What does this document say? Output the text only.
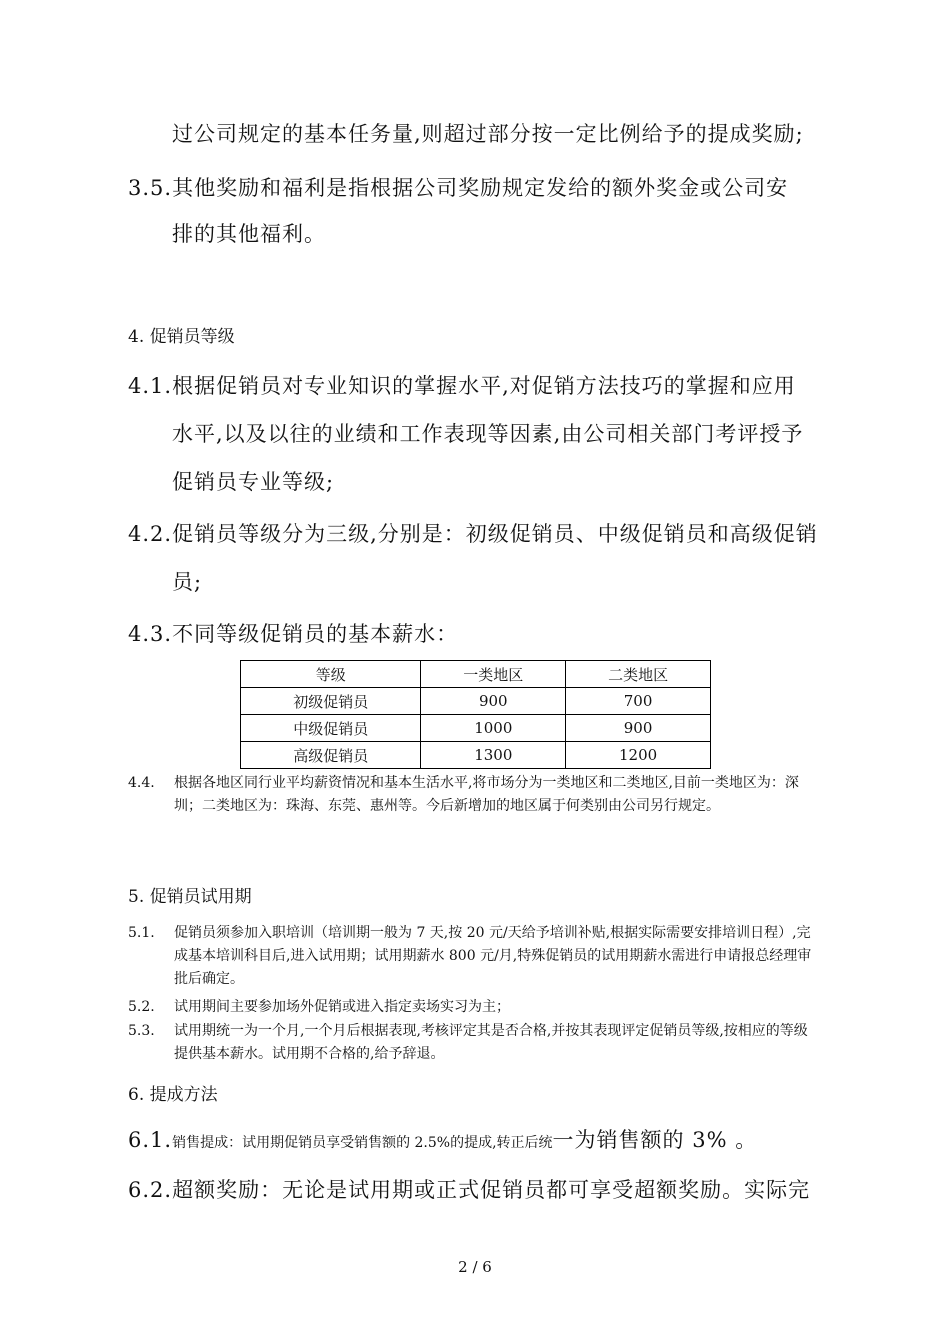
过公司规定的基本任务量,则超过部分按一定比例给予的提成奖励;
3.5.其他奖励和福利是指根据公司奖励规定发给的额外奖金或公司安
排的其他福利。
4. 促销员等级
4.1.根据促销员对专业知识的掌握水平,对促销方法技巧的掌握和应用
水平,以及以往的业绩和工作表现等因素,由公司相关部门考评授予
促销员专业等级;
4.2.促销员等级分为三级,分别是：初级促销员、中级促销员和高级促销
员;
4.3.不同等级促销员的基本薪水：
等级	一类地区	二类地区
初级促销员	900	700
中级促销员	1000	900
高级促销员	1300	1200
4.4. 根据各地区同行业平均薪资情况和基本生活水平,将市场分为一类地区和二类地区,目前一类地区为：深圳；二类地区为：珠海、东莞、惠州等。今后新增加的地区属于何类别由公司另行规定。
5. 促销员试用期
5.1. 促销员须参加入职培训（培训期一般为 7 天,按 20 元/天给予培训补贴,根据实际需要安排培训日程）,完成基本培训科目后,进入试用期；试用期薪水 800 元/月,特殊促销员的试用期薪水需进行申请报总经理审批后确定。
5.2. 试用期间主要参加场外促销或进入指定卖场实习为主；
5.3. 试用期统一为一个月,一个月后根据表现,考核评定其是否合格,并按其表现评定促销员等级,按相应的等级提供基本薪水。试用期不合格的,给予辞退。
6. 提成方法
6.1.销售提成：试用期促销员享受销售额的 2.5%的提成,转正后统一为销售额的 3% 。
6.2.超额奖励：无论是试用期或正式促销员都可享受超额奖励。实际完
2 / 6
